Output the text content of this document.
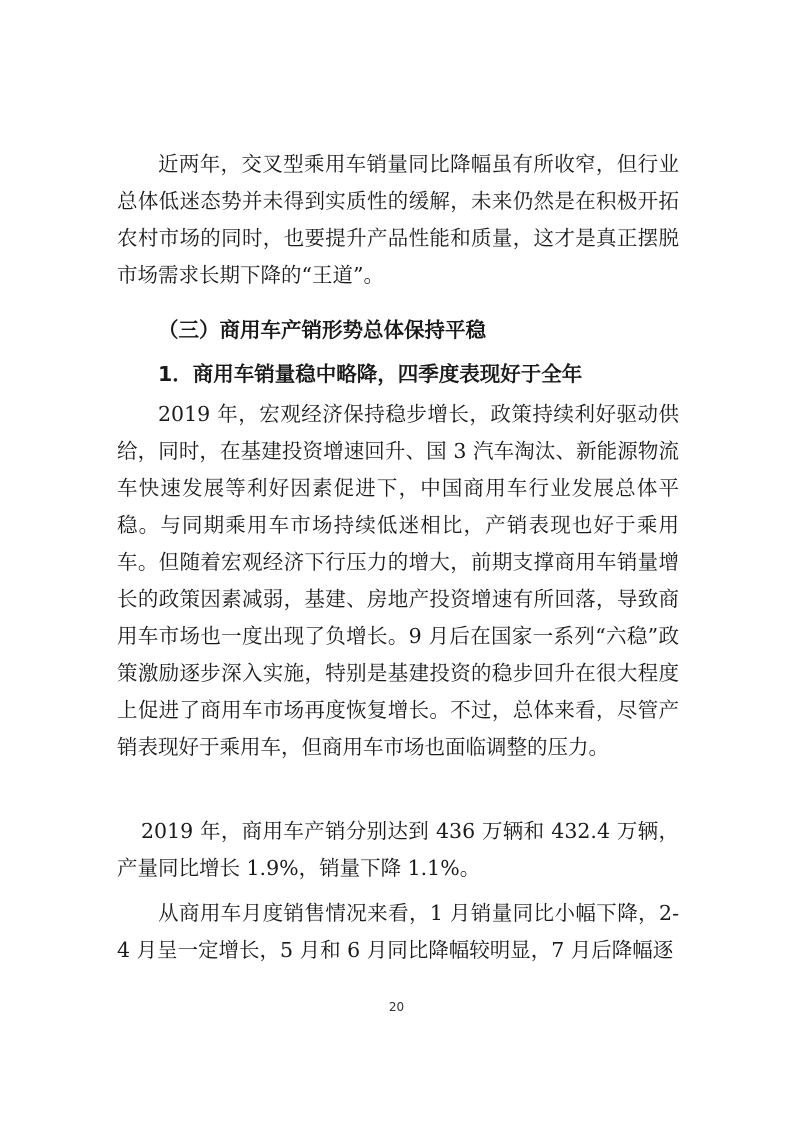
近两年，交叉型乘用车销量同比降幅虽有所收窄，但行业总体低迷态势并未得到实质性的缓解，未来仍然是在积极开拓农村市场的同时，也要提升产品性能和质量，这才是真正摆脱市场需求长期下降的“王道”。

（三）商用车产销形势总体保持平稳
1．商用车销量稳中略降，四季度表现好于全年

2019 年，宏观经济保持稳步增长，政策持续利好驱动供给，同时，在基建投资增速回升、国 3 汽车淘汰、新能源物流车快速发展等利好因素促进下，中国商用车行业发展总体平稳。与同期乘用车市场持续低迷相比，产销表现也好于乘用车。但随着宏观经济下行压力的增大，前期支撑商用车销量增长的政策因素减弱，基建、房地产投资增速有所回落，导致商用车市场也一度出现了负增长。9 月后在国家一系列“六稳”政策激励逐步深入实施，特别是基建投资的稳步回升在很大程度上促进了商用车市场再度恢复增长。不过，总体来看，尽管产销表现好于乘用车，但商用车市场也面临调整的压力。

2019 年，商用车产销分别达到 436 万辆和 432.4 万辆，产量同比增长 1.9%，销量下降 1.1%。

从商用车月度销售情况来看，1 月销量同比小幅下降，2-4 月呈一定增长，5 月和 6 月同比降幅较明显，7 月后降幅逐

20
